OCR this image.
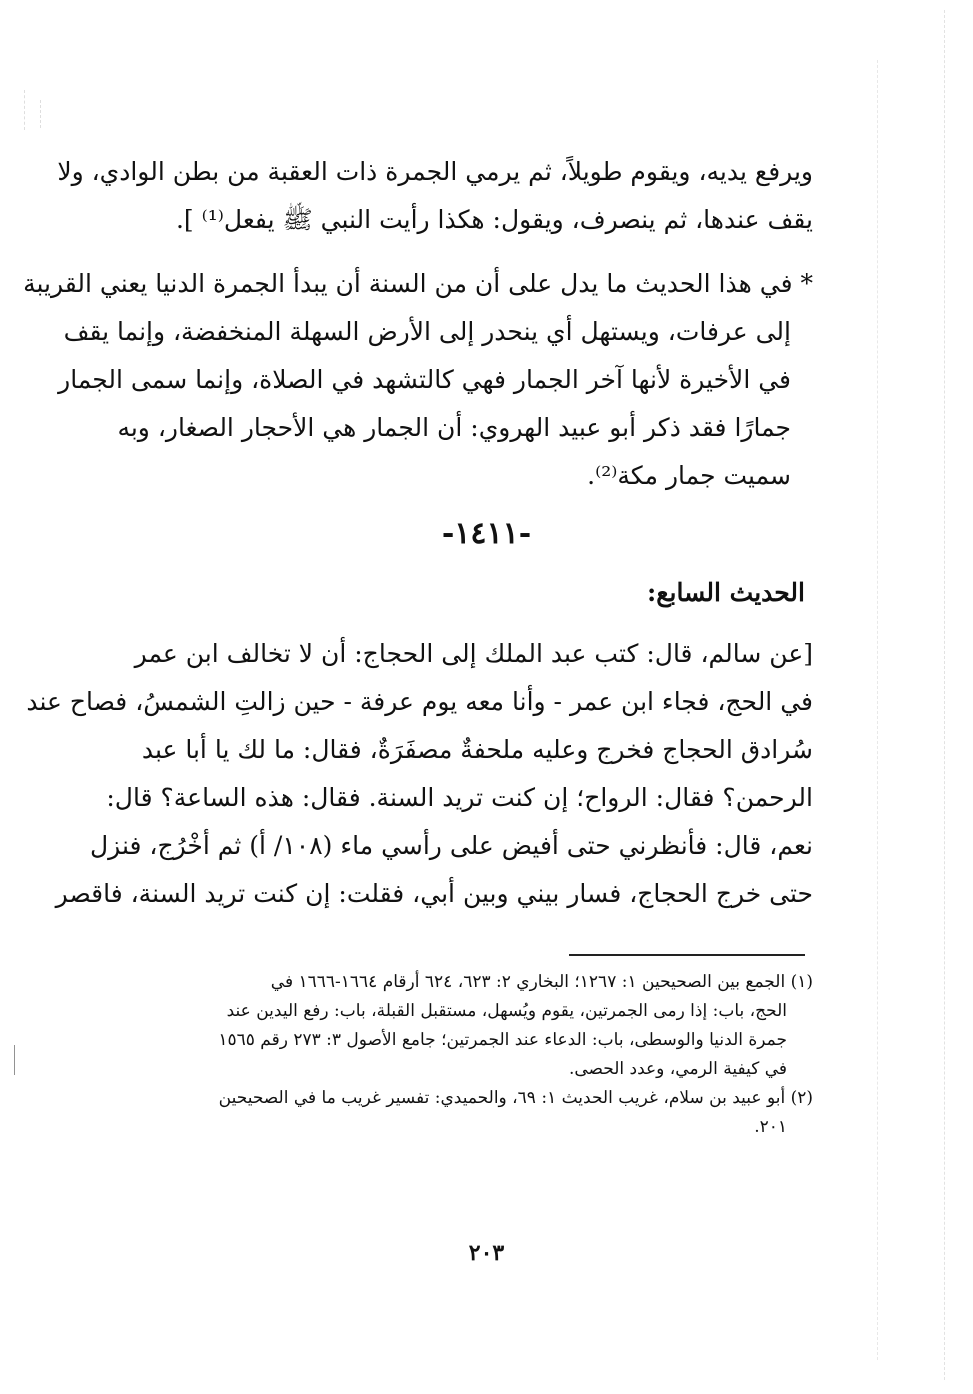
ويرفع يديه، ويقوم طويلاً، ثم يرمي الجمرة ذات العقبة من بطن الوادي، ولا
يقف عندها، ثم ينصرف، ويقول: هكذا رأيت النبي ﷺ يفعل⁽¹⁾ ].
* في هذا الحديث ما يدل على أن من السنة أن يبدأ الجمرة الدنيا يعني القريبة
إلى عرفات، ويستهل أي ينحدر إلى الأرض السهلة المنخفضة، وإنما يقف
في الأخيرة لأنها آخر الجمار فهي كالتشهد في الصلاة، وإنما سمى الجمار
جمارًا فقد ذكر أبو عبيد الهروي: أن الجمار هي الأحجار الصغار، وبه
سميت جمار مكة⁽²⁾.
-١٤١١-
الحديث السابع:
[عن سالم، قال: كتب عبد الملك إلى الحجاج: أن لا تخالف ابن عمر
في الحج، فجاء ابن عمر - وأنا معه يوم عرفة - حين زالتِ الشمسُ، فصاح عند
سُرادق الحجاج فخرج وعليه ملحفةٌ مصفَرَةٌ، فقال: ما لك يا أبا عبد
الرحمن؟ فقال: الرواح؛ إن كنت تريد السنة. فقال: هذه الساعة؟ قال:
نعم، قال: فأنظرني حتى أفيض على رأسي ماء (١٠٨/ أ) ثم أخْرُج، فنزل
حتى خرج الحجاج، فسار بيني وبين أبي، فقلت: إن كنت تريد السنة، فاقصر
(١) الجمع بين الصحيحين ١: ١٢٦٧؛ البخاري ٢: ٦٢٣، ٦٢٤ أرقام ١٦٦٤-١٦٦٦ في
الحج، باب: إذا رمى الجمرتين، يقوم ويُسهل، مستقبل القبلة، باب: رفع اليدين عند
جمرة الدنيا والوسطى، باب: الدعاء عند الجمرتين؛ جامع الأصول ٣: ٢٧٣ رقم ١٥٦٥
في كيفية الرمي، وعدد الحصى.
(٢) أبو عبيد بن سلام، غريب الحديث ١: ٦٩، والحميدي: تفسير غريب ما في الصحيحين
٢٠١.
٢٠٣
